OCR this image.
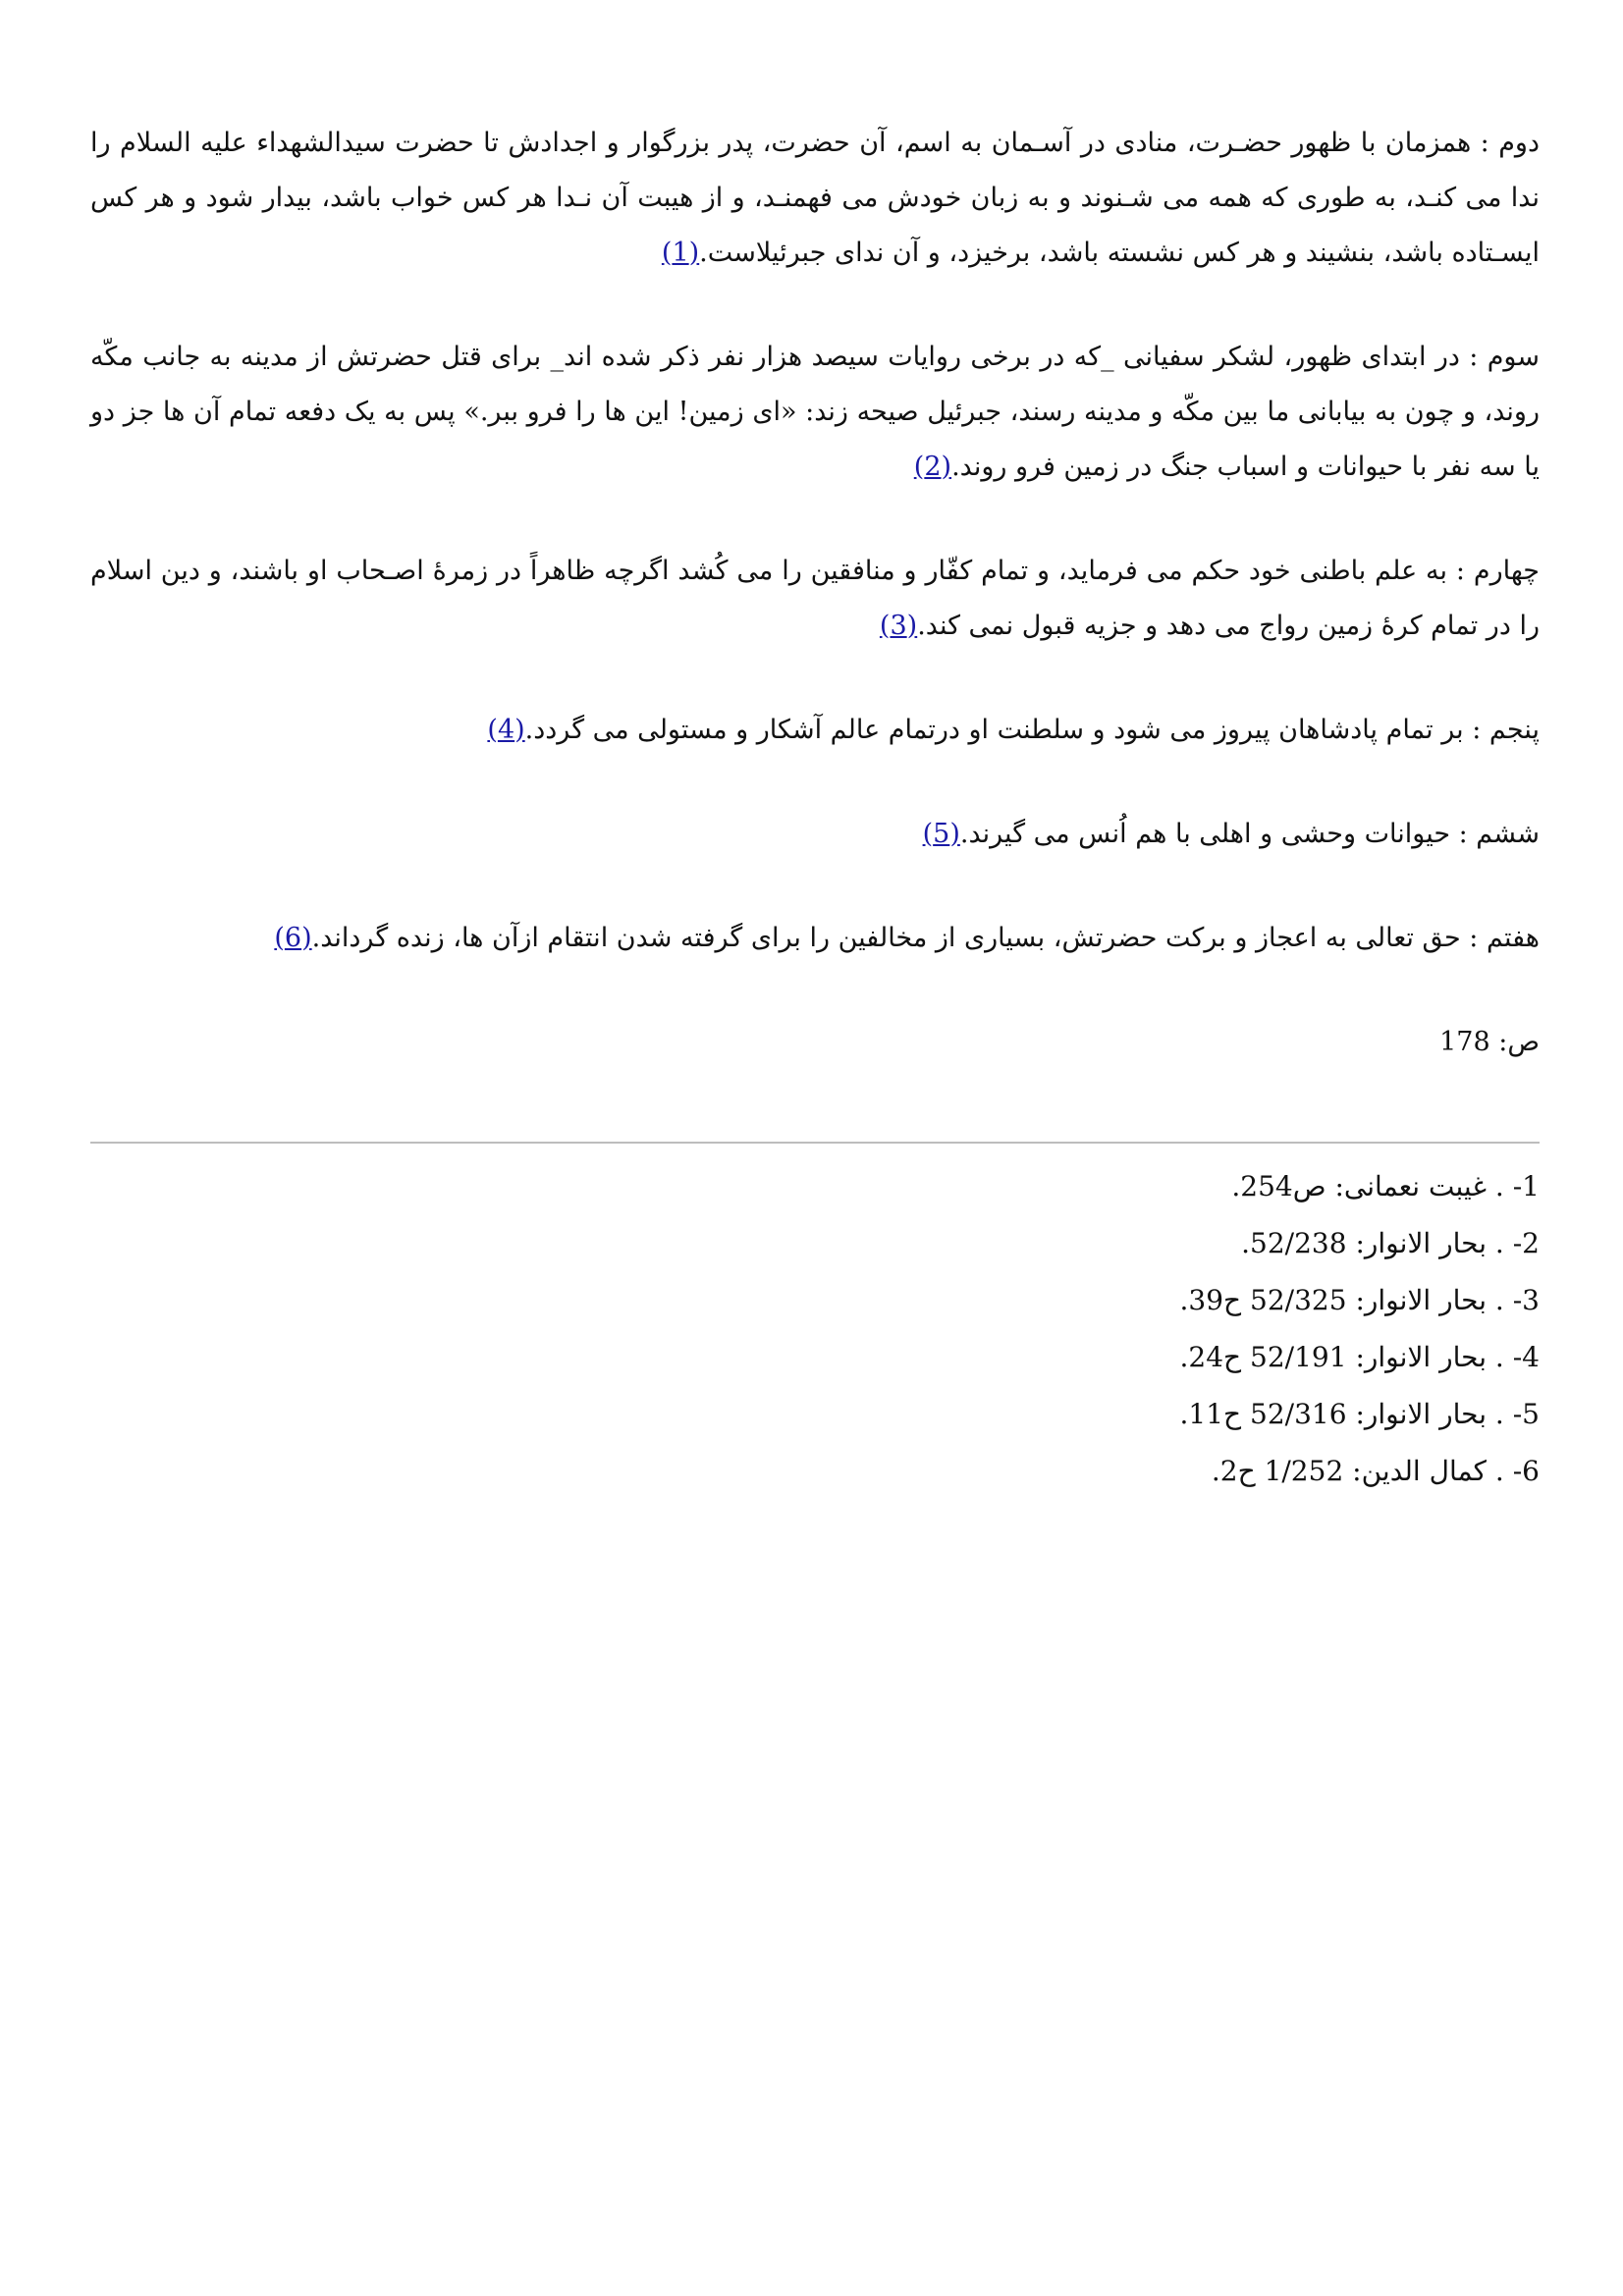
دوم : همزمان با ظهور حضـرت، منادی در آسـمان به اسم، آن حضرت، پدر بزرگوار و اجدادش تا حضرت سیدالشهداء علیه السلام را ندا می کنـد، به طوری که همه می شـنوند و به زبان خودش می فهمنـد، و از هیبت آن نـدا هر کس خواب باشد، بیدار شود و هر کس ایسـتاده باشد، بنشیند و هر کس نشسته باشد، برخیزد، و آن ندای جبرئیلاست.(1)

سوم : در ابتدای ظهور، لشکر سفیانی _که در برخی روایات سیصد هزار نفر ذکر شده اند_ برای قتل حضرتش از مدینه به جانب مکّه روند، و چون به بیابانی ما بین مکّه و مدینه رسند، جبرئیل صیحه زند: «ای زمین! این ها را فرو ببر.» پس به یک دفعه تمام آن ها جز دو یا سه نفر با حیوانات و اسباب جنگ در زمین فرو روند.(2)

چهارم : به علم باطنی خود حکم می فرماید، و تمام کفّار و منافقین را می کُشد اگرچه ظاهراً در زمرهٔ اصـحاب او باشند، و دین اسلام را در تمام کرهٔ زمین رواج می دهد و جزیه قبول نمی کند.(3)

پنجم : بر تمام پادشاهان پیروز می شود و سلطنت او درتمام عالم آشکار و مستولی می گردد.(4)

ششم : حیوانات وحشی و اهلی با هم اُنس می گیرند.(5)

هفتم : حق تعالی به اعجاز و برکت حضرتش، بسیاری از مخالفین را برای گرفته شدن انتقام ازآن ها، زنده گرداند.(6)

ص: 178
1- . غیبت نعمانی: ص254.
2- . بحار الانوار: 52/238.
3- . بحار الانوار: 52/325 ح39.
4- . بحار الانوار: 52/191 ح24.
5- . بحار الانوار: 52/316 ح11.
6- . کمال الدین: 1/252 ح2.
